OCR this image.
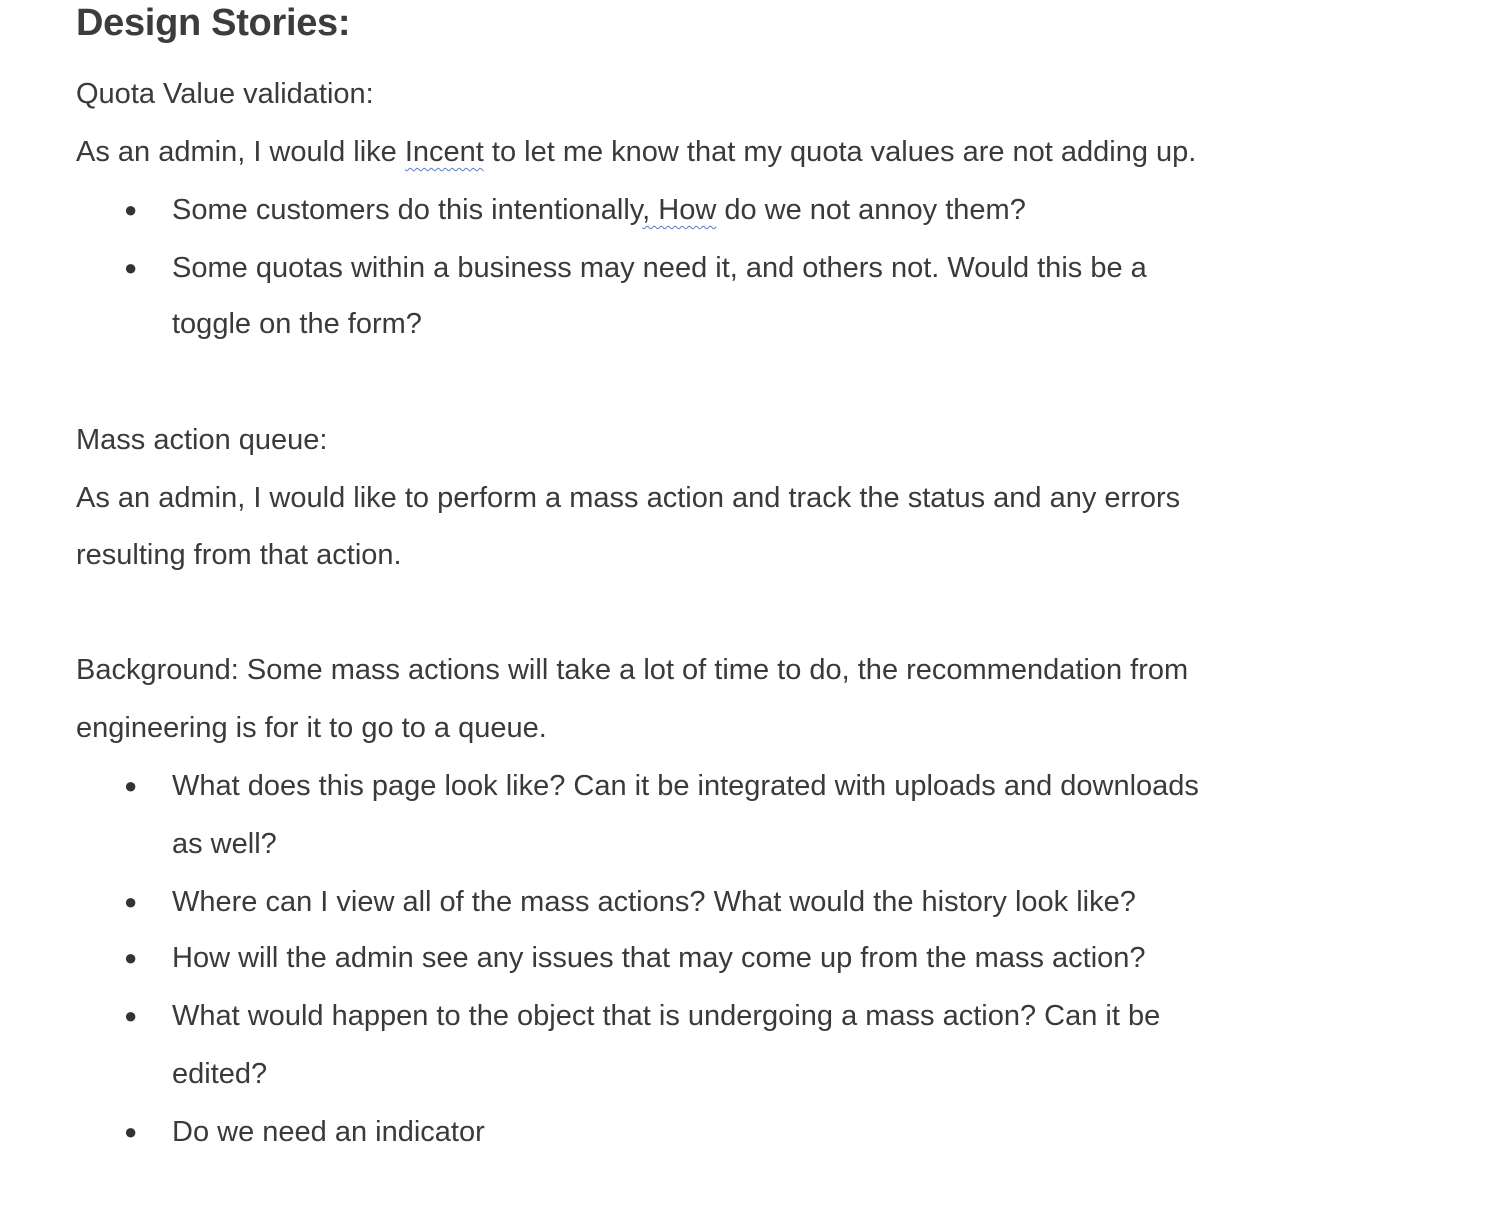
Design Stories:
Quota Value validation:
As an admin, I would like Incent to let me know that my quota values are not adding up.
● Some customers do this intentionally, How do we not annoy them?
● Some quotas within a business may need it, and others not. Would this be a
toggle on the form?
Mass action queue:
As an admin, I would like to perform a mass action and track the status and any errors
resulting from that action.
Background: Some mass actions will take a lot of time to do, the recommendation from
engineering is for it to go to a queue.
● What does this page look like? Can it be integrated with uploads and downloads
as well?
● Where can I view all of the mass actions? What would the history look like?
● How will the admin see any issues that may come up from the mass action?
● What would happen to the object that is undergoing a mass action? Can it be
edited?
● Do we need an indicator
